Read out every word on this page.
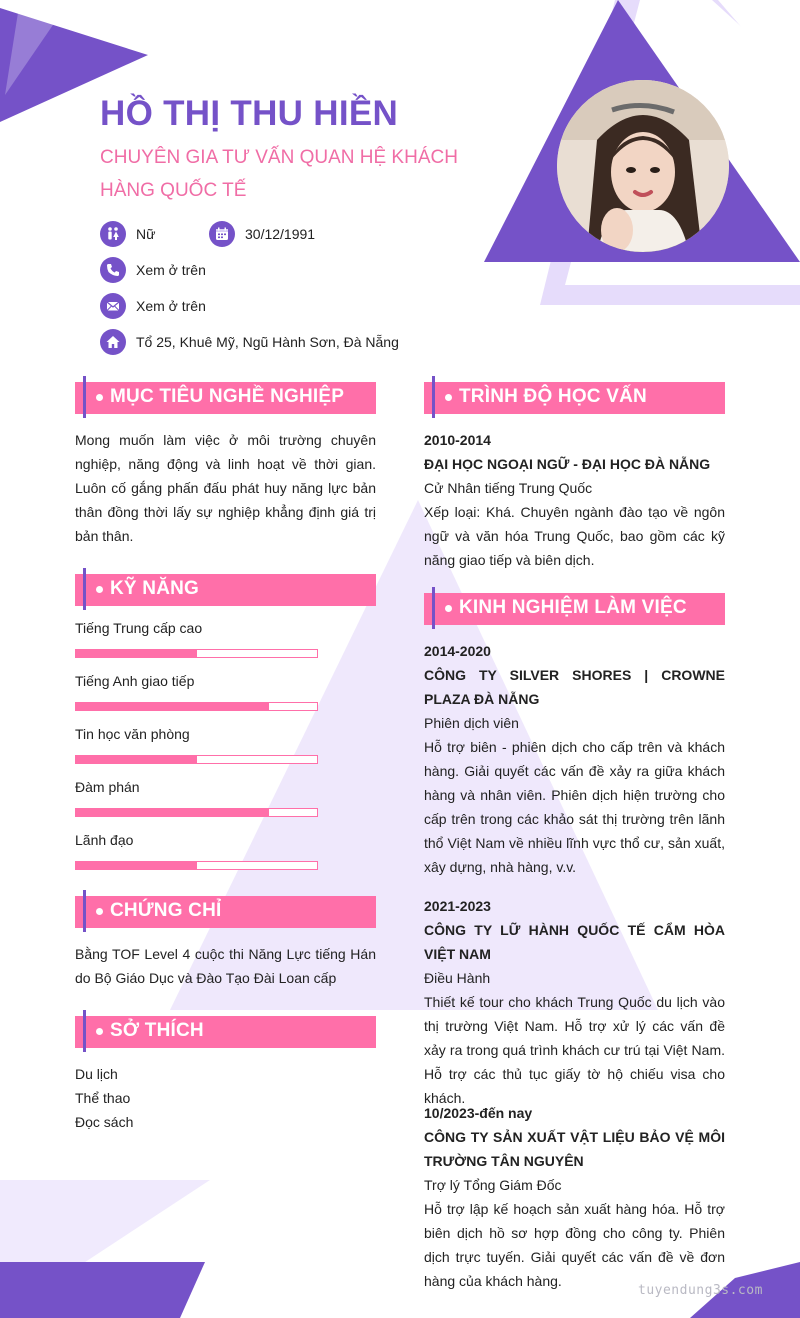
HỒ THỊ THU HIỀN
CHUYÊN GIA TƯ VẤN QUAN HỆ KHÁCH HÀNG QUỐC TẾ
Nữ	30/12/1991
Xem ở trên
Xem ở trên
Tổ 25, Khuê Mỹ, Ngũ Hành Sơn, Đà Nẵng
MỤC TIÊU NGHỀ NGHIỆP
Mong muốn làm việc ở môi trường chuyên nghiệp, năng động và linh hoạt về thời gian. Luôn cố gắng phấn đấu phát huy năng lực bản thân đồng thời lấy sự nghiệp khẳng định giá trị bản thân.
KỸ NĂNG
Tiếng Trung cấp cao
Tiếng Anh giao tiếp
Tin học văn phòng
Đàm phán
Lãnh đạo
CHỨNG CHỈ
Bằng TOF Level 4 cuộc thi Năng Lực tiếng Hán do Bộ Giáo Dục và Đào Tạo Đài Loan cấp
SỞ THÍCH
Du lịch
Thể thao
Đọc sách
TRÌNH ĐỘ HỌC VẤN
2010-2014
ĐẠI HỌC NGOẠI NGỮ - ĐẠI HỌC ĐÀ NẴNG
Cử Nhân tiếng Trung Quốc
Xếp loại: Khá. Chuyên ngành đào tạo về ngôn ngữ và văn hóa Trung Quốc, bao gồm các kỹ năng giao tiếp và biên dịch.
KINH NGHIỆM LÀM VIỆC
2014-2020
CÔNG TY SILVER SHORES | CROWNE PLAZA ĐÀ NẴNG
Phiên dịch viên
Hỗ trợ biên - phiên dịch cho cấp trên và khách hàng. Giải quyết các vấn đề xảy ra giữa khách hàng và nhân viên. Phiên dịch hiện trường cho cấp trên trong các khảo sát thị trường trên lãnh thổ Việt Nam về nhiều lĩnh vực thổ cư, sản xuất, xây dựng, nhà hàng, v.v.
2021-2023
CÔNG TY LỮ HÀNH QUỐC TẾ CẨM HÒA VIỆT NAM
Điều Hành
Thiết kế tour cho khách Trung Quốc du lịch vào thị trường Việt Nam. Hỗ trợ xử lý các vấn đề xảy ra trong quá trình khách cư trú tại Việt Nam. Hỗ trợ các thủ tục giấy tờ hộ chiếu visa cho khách.
10/2023-đến nay
CÔNG TY SẢN XUẤT VẬT LIỆU BẢO VỆ MÔI TRƯỜNG TÂN NGUYÊN
Trợ lý Tổng Giám Đốc
Hỗ trợ lập kế hoạch sản xuất hàng hóa. Hỗ trợ biên dịch hồ sơ hợp đồng cho công ty. Phiên dịch trực tuyến. Giải quyết các vấn đề về đơn hàng của khách hàng.
tuyendung3s.com
